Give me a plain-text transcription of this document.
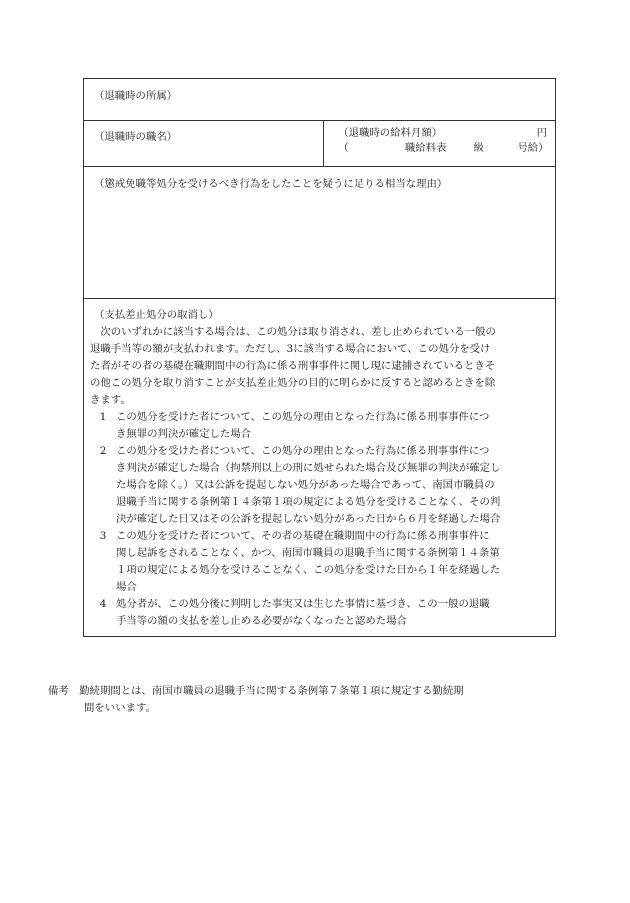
（退職時の所属）
（退職時の職名）	（退職時の給料月額）	円
（	職給料表	級	号給）
（懲戒免職等処分を受けるべき行為をしたことを疑うに足りる相当な理由）
（支払差止処分の取消し）
　次のいずれかに該当する場合は、この処分は取り消され、差し止められている一般の
退職手当等の額が支払われます。ただし、3に該当する場合において、この処分を受け
た者がその者の基礎在職期間中の行為に係る刑事事件に関し現に逮捕されているときそ
の他この処分を取り消すことが支払差止処分の目的に明らかに反すると認めるときを除
きます。
1 この処分を受けた者について、この処分の理由となった行為に係る刑事事件につ
き無罪の判決が確定した場合
2 この処分を受けた者について、この処分の理由となった行為に係る刑事事件につ
き判決が確定した場合（拘禁刑以上の刑に処せられた場合及び無罪の判決が確定し
た場合を除く。）又は公訴を提起しない処分があった場合であって、南国市職員の
退職手当に関する条例第１４条第１項の規定による処分を受けることなく、その判
決が確定した日又はその公訴を提起しない処分があった日から６月を経過した場合
3 この処分を受けた者について、その者の基礎在職期間中の行為に係る刑事事件に
関し起訴をされることなく、かつ、南国市職員の退職手当に関する条例第１４条第
１項の規定による処分を受けることなく、この処分を受けた日から１年を経過した
場合
4 処分者が、この処分後に判明した事実又は生じた事情に基づき、この一般の退職
手当等の額の支払を差し止める必要がなくなったと認めた場合
備考　勤続期間とは、南国市職員の退職手当に関する条例第７条第１項に規定する勤続期
間をいいます。
